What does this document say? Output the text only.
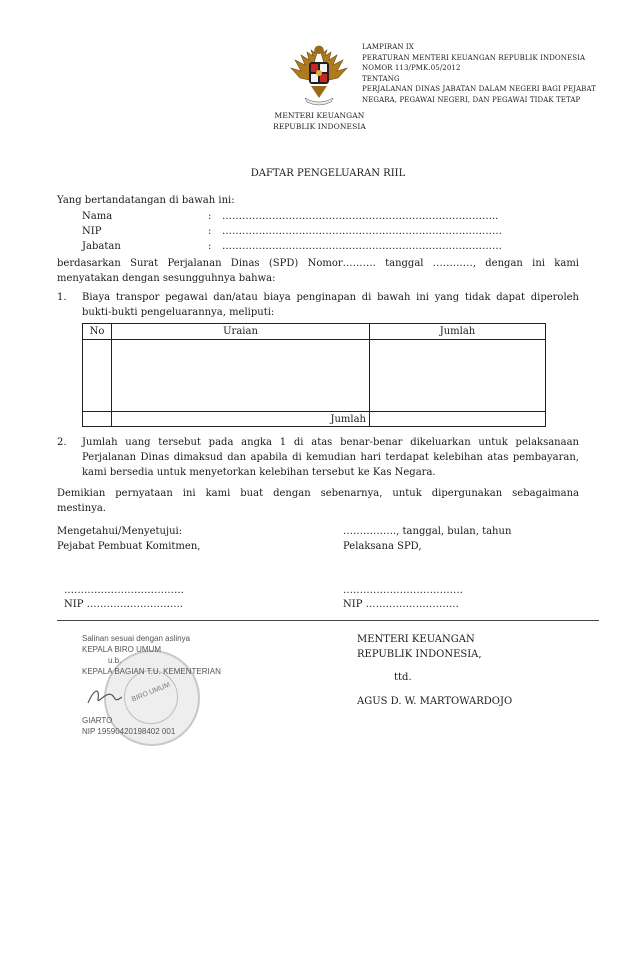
LAMPIRAN IX
PERATURAN MENTERI KEUANGAN REPUBLIK INDONESIA
NOMOR 113/PMK.05/2012
TENTANG
PERJALANAN DINAS JABATAN DALAM NEGERI BAGI PEJABAT
NEGARA, PEGAWAI NEGERI, DAN PEGAWAI TIDAK TETAP
MENTERI KEUANGAN
REPUBLIK INDONESIA
DAFTAR PENGELUARAN RIIL
Yang bertandatangan di bawah ini:
Nama	: ………………………………………………………………………..
NIP	: …………………………………………………………………………
Jabatan	: …………………………………………………………………………
berdasarkan Surat Perjalanan Dinas (SPD) Nomor………. tanggal …………, dengan ini kami
menyatakan dengan sesungguhnya bahwa:
1. Biaya transpor pegawai dan/atau biaya penginapan di bawah ini yang tidak dapat diperoleh
bukti-bukti pengeluarannya, meliputi:
No	Uraian	Jumlah

	Jumlah	
2. Jumlah uang tersebut pada angka 1 di atas benar-benar dikeluarkan untuk pelaksanaan
Perjalanan Dinas dimaksud dan apabila di kemudian hari terdapat kelebihan atas pembayaran,
kami bersedia untuk menyetorkan kelebihan tersebut ke Kas Negara.
Demikian pernyataan ini kami buat dengan sebenarnya, untuk dipergunakan sebagaimana
mestinya.
Mengetahui/Menyetujui:
Pejabat Pembuat Komitmen,
……………., tanggal, bulan, tahun
Pelaksana SPD,
………………………………
NIP ………………………..
………………………………
NIP ……………………….
BIRO UMUM
Salinan sesuai dengan aslinya
KEPALA BIRO UMUM
u.b.
KEPALA BAGIAN T.U. KEMENTERIAN
GIARTO
NIP 19590420198402 001
MENTERI KEUANGAN
REPUBLIK INDONESIA,
ttd.
AGUS D. W. MARTOWARDOJO
